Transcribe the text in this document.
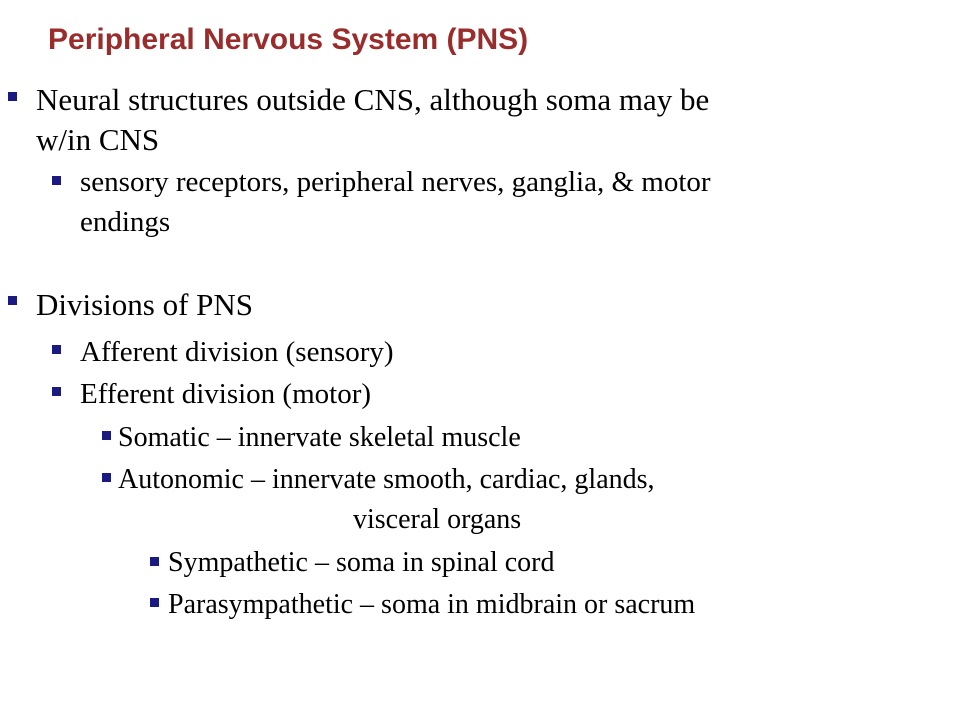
Peripheral Nervous System (PNS)
Neural structures outside CNS, although soma may be
w/in CNS
sensory receptors, peripheral nerves, ganglia, & motor
endings
Divisions of PNS
Afferent division (sensory)
Efferent division (motor)
Somatic – innervate skeletal muscle
Autonomic – innervate smooth, cardiac, glands,
visceral organs
Sympathetic – soma in spinal cord
Parasympathetic – soma in midbrain or sacrum
